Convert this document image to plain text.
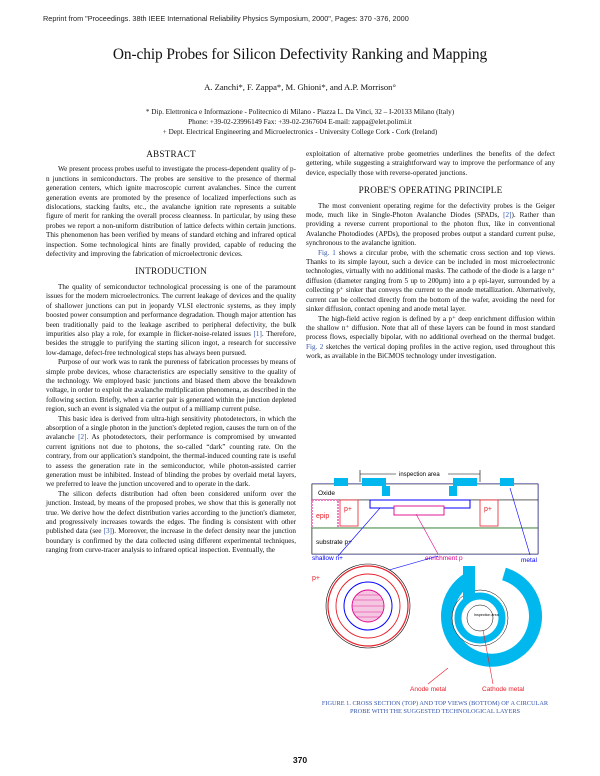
Reprint from "Proceedings. 38th IEEE International Reliability Physics Symposium, 2000", Pages: 370 -376, 2000
On-chip Probes for Silicon Defectivity Ranking and Mapping
A. Zanchi*, F. Zappa*, M. Ghioni*, and A.P. Morrison°
* Dip. Elettronica e Informazione - Politecnico di Milano - Piazza L. Da Vinci, 32 – I-20133 Milano (Italy)
Phone: +39-02-23996149 Fax: +39-02-2367604 E-mail: zappa@elet.polimi.it
+ Dept. Electrical Engineering and Microelectronics - University College Cork - Cork (Ireland)
ABSTRACT

We present process probes useful to investigate the process-dependent quality of p-n junctions in semiconductors. The probes are sensitive to the presence of thermal generation centers, which ignite macroscopic current avalanches. Since the current generation events are promoted by the presence of localized imperfections such as dislocations, stacking faults, etc., the avalanche ignition rate represents a suitable figure of merit for ranking the overall process cleanness. In particular, by using these probes we report a non-uniform distribution of lattice defects within certain junctions. This phenomenon has been verified by means of standard etching and infrared optical inspection. Some technological hints are finally provided, capable of reducing the defectivity and improving the fabrication of microelectronic devices.

INTRODUCTION

The quality of semiconductor technological processing is one of the paramount issues for the modern microelectronics. The current leakage of devices and the quality of shallower junctions can put in jeopardy VLSI electronic systems, as they imply boosted power consumption and performance degradation. Though major attention has been traditionally paid to the leakage ascribed to peripheral defectivity, the bulk impurities also play a role, for example in flicker-noise-related issues [1]. Therefore, besides the struggle to purifying the starting silicon ingot, a research for successive low-damage, defect-free technological steps has always been pursued.

Purpose of our work was to rank the pureness of fabrication processes by means of simple probe devices, whose characteristics are especially sensitive to the quality of the technology. We employed basic junctions and biased them above the breakdown voltage, in order to exploit the avalanche multiplication phenomena, as described in the following section. Briefly, when a carrier pair is generated within the junction depleted region, such an event is signaled via the output of a milliamp current pulse.

This basic idea is derived from ultra-high sensitivity photodetectors, in which the absorption of a single photon in the junction's depleted region, causes the turn on of the avalanche [2]. As photodetectors, their performance is compromised by unwanted current ignitions not due to photons, the so-called “dark” counting rate. On the contrary, from our application's standpoint, the thermal-induced counting rate is useful to assess the generation rate in the semiconductor, while photon-assisted carrier generation must be inhibited. Instead of blinding the probes by overlaid metal layers, we preferred to leave the junction uncovered and to operate in the dark.

The silicon defects distribution had often been considered uniform over the junction. Instead, by means of the proposed probes, we show that this is generally not true. We derive how the defect distribution varies according to the junction's diameter, and progressively increases towards the edges. The finding is consistent with other published data (see [3]). Moreover, the increase in the defect density near the junction boundary is confirmed by the data collected using different experimental techniques, ranging from curve-tracer analysis to infrared optical inspection. Eventually, the

exploitation of alternative probe geometries underlines the benefits of the defect gettering, while suggesting a straightforward way to improve the performance of any device, especially those with reverse-operated junctions.

PROBE'S OPERATING PRINCIPLE

The most convenient operating regime for the defectivity probes is the Geiger mode, much like in Single-Photon Avalanche Diodes (SPADs, [2]). Rather than providing a reverse current proportional to the photon flux, like in conventional Avalanche Photodiodes (APDs), the proposed probes output a standard current pulse, synchronous to the avalanche ignition.

Fig. 1 shows a circular probe, with the schematic cross section and top views. Thanks to its simple layout, such a device can be included in most microelectronic technologies, virtually with no additional masks. The cathode of the diode is a large n⁺ diffusion (diameter ranging from 5 up to 200µm) into a p epi-layer, surrounded by a collecting p⁺ sinker that conveys the current to the anode metallization. Alternatively, current can be collected directly from the bottom of the wafer, avoiding the need for sinker diffusion, contact opening and anode metal layer.

The high-field active region is defined by a p⁺ deep enrichment diffusion within the shallow n⁺ diffusion. Note that all of these layers can be found in most standard process flows, especially bipolar, with no additional overhead on the thermal budget. Fig. 2 sketches the vertical doping profiles in the active region, used throughout this work, as available in the BiCMOS technology under investigation.

inspection area
Oxide
epip
p+	p+
substrate p+
shallow n+	enrichment p	metal
p+
Inspection area
Anode metal	Cathode metal
FIGURE 1. CROSS SECTION (TOP) AND TOP VIEWS (BOTTOM) OF A CIRCULAR PROBE WITH THE SUGGESTED TECHNOLOGICAL LAYERS
370
